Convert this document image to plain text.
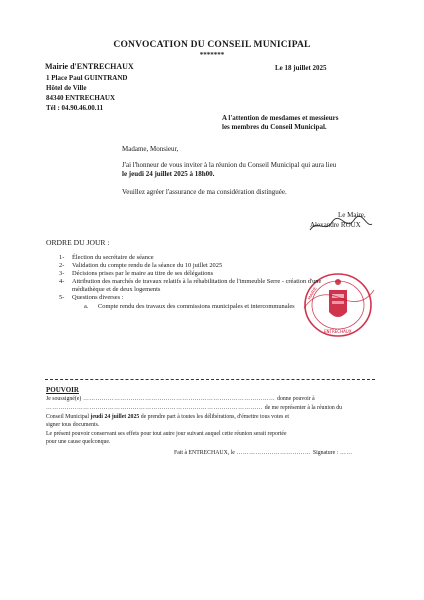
CONVOCATION DU CONSEIL MUNICIPAL
*******
Mairie d'ENTRECHAUX
1 Place Paul GUINTRAND
Hôtel de Ville
84340 ENTRECHAUX
Tél : 04.90.46.00.11
Le 18 juillet 2025
A l'attention de mesdames et messieurs
les membres du Conseil Municipal.
Madame, Monsieur,
J'ai l'honneur de vous inviter à la réunion du Conseil Municipal qui aura lieu
le jeudi 24 juillet 2025 à 18h00.
Veuillez agréer l'assurance de ma considération distinguée.
MAIRIE
ENTRECHAUX
Le Maire,
Alexandre ROUX
ORDRE DU JOUR :
1- Élection du secrétaire de séance
2- Validation du compte rendu de la séance du 10 juillet 2025
3- Décisions prises par le maire au titre de ses délégations
4- Attribution des marchés de travaux relatifs à la réhabilitation de l'immeuble Serre - création d'une
médiathèque et de deux logements
5- Questions diverses :
a. Compte rendu des travaux des commissions municipales et intercommunales
POUVOIR
Je soussigné(e) ………………………………………………………………………………… donne pouvoir à
…………………………………………………………………………………………… de me représenter à la réunion du
Conseil Municipal jeudi 24 juillet 2025 de prendre part à toutes les délibérations, d'émettre tous votes et
signer tous documents.
Le présent pouvoir conservant ses effets pour tout autre jour suivant auquel cette réunion serait reportée
pour une cause quelconque.
Fait à ENTRECHAUX, le ……………………………… Signature : ……
